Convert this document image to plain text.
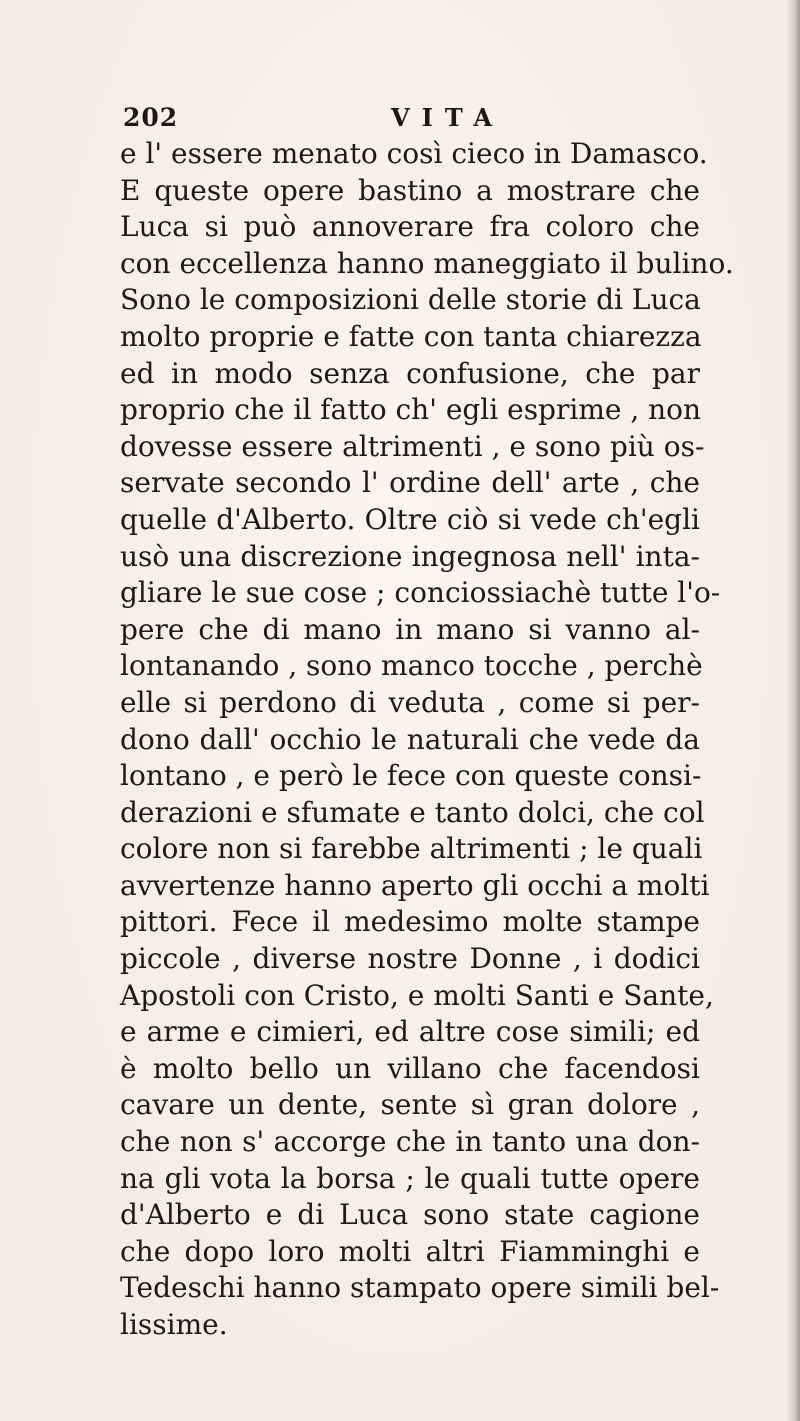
202	VITA
e l' essere menato così cieco in Damasco.
E queste opere bastino a mostrare che
Luca si può annoverare fra coloro che
con eccellenza hanno maneggiato il bulino.
Sono le composizioni delle storie di Luca
molto proprie e fatte con tanta chiarezza
ed in modo senza confusione, che par
proprio che il fatto ch' egli esprime , non
dovesse essere altrimenti , e sono più os-
servate secondo l' ordine dell' arte , che
quelle d'Alberto. Oltre ciò si vede ch'egli
usò una discrezione ingegnosa nell' inta-
gliare le sue cose ; conciossiachè tutte l'o-
pere che di mano in mano si vanno al-
lontanando , sono manco tocche , perchè
elle si perdono di veduta , come si per-
dono dall' occhio le naturali che vede da
lontano , e però le fece con queste consi-
derazioni e sfumate e tanto dolci, che col
colore non si farebbe altrimenti ; le quali
avvertenze hanno aperto gli occhi a molti
pittori. Fece il medesimo molte stampe
piccole , diverse nostre Donne , i dodici
Apostoli con Cristo, e molti Santi e Sante,
e arme e cimieri, ed altre cose simili; ed
è molto bello un villano che facendosi
cavare un dente, sente sì gran dolore ,
che non s' accorge che in tanto una don-
na gli vota la borsa ; le quali tutte opere
d'Alberto e di Luca sono state cagione
che dopo loro molti altri Fiamminghi e
Tedeschi hanno stampato opere simili bel-
lissime.
